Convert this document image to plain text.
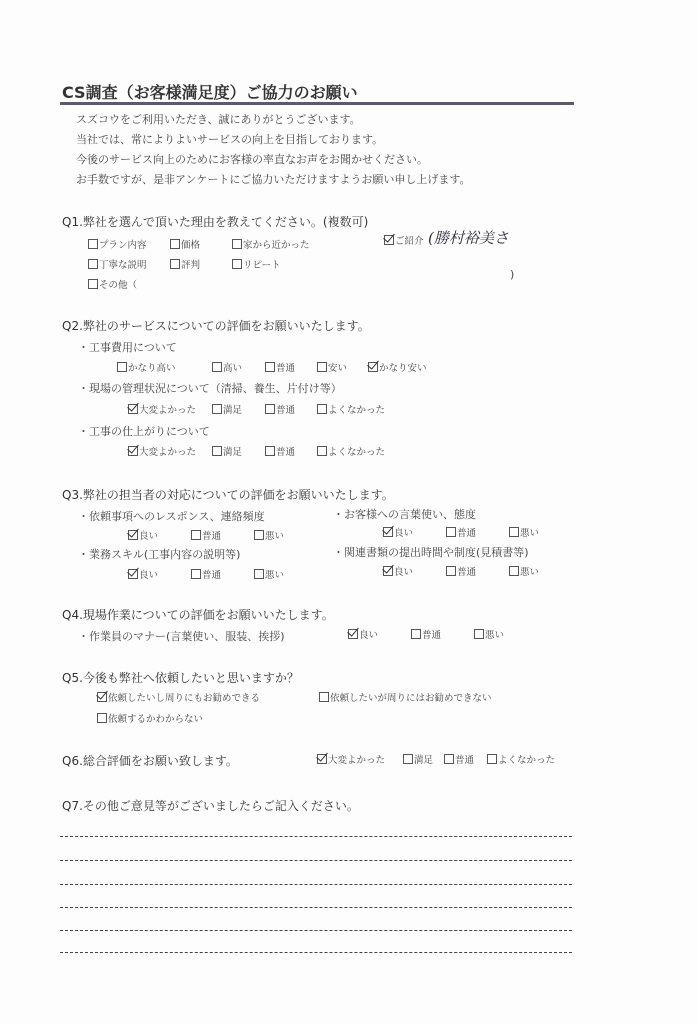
CS調査（お客様満足度）ご協力のお願い
スズコウをご利用いただき、誠にありがとうございます。
当社では、常によりよいサービスの向上を目指しております。
今後のサービス向上のためにお客様の率直なお声をお聞かせください。
お手数ですが、是非アンケートにご協力いただけますようお願い申し上げます。
Q1.弊社を選んで頂いた理由を教えてください。(複数可)
プラン内容	価格	家から近かった	ご紹介 (勝村裕美さ
丁寧な説明	評判	リピート
その他（
)
Q2.弊社のサービスについての評価をお願いいたします。
・工事費用について
かなり高い	高い	普通	安い	かなり安い
・現場の管理状況について（清掃、養生、片付け等）
大変よかった	満足	普通	よくなかった
・工事の仕上がりについて
大変よかった	満足	普通	よくなかった
Q3.弊社の担当者の対応についての評価をお願いいたします。
・依頼事項へのレスポンス、連絡頻度	・お客様への言葉使い、態度
良い	普通	悪い	良い	普通	悪い
・業務スキル(工事内容の説明等)	・関連書類の提出時間や制度(見積書等)
良い	普通	悪い	良い	普通	悪い
Q4.現場作業についての評価をお願いいたします。
・作業員のマナー(言葉使い、服装、挨拶)	良い	普通	悪い
Q5.今後も弊社へ依頼したいと思いますか？
依頼したいし周りにもお勧めできる	依頼したいが周りにはお勧めできない
依頼するかわからない
Q6.総合評価をお願い致します。	大変よかった	満足	普通	よくなかった
Q7.その他ご意見等がございましたらご記入ください。
